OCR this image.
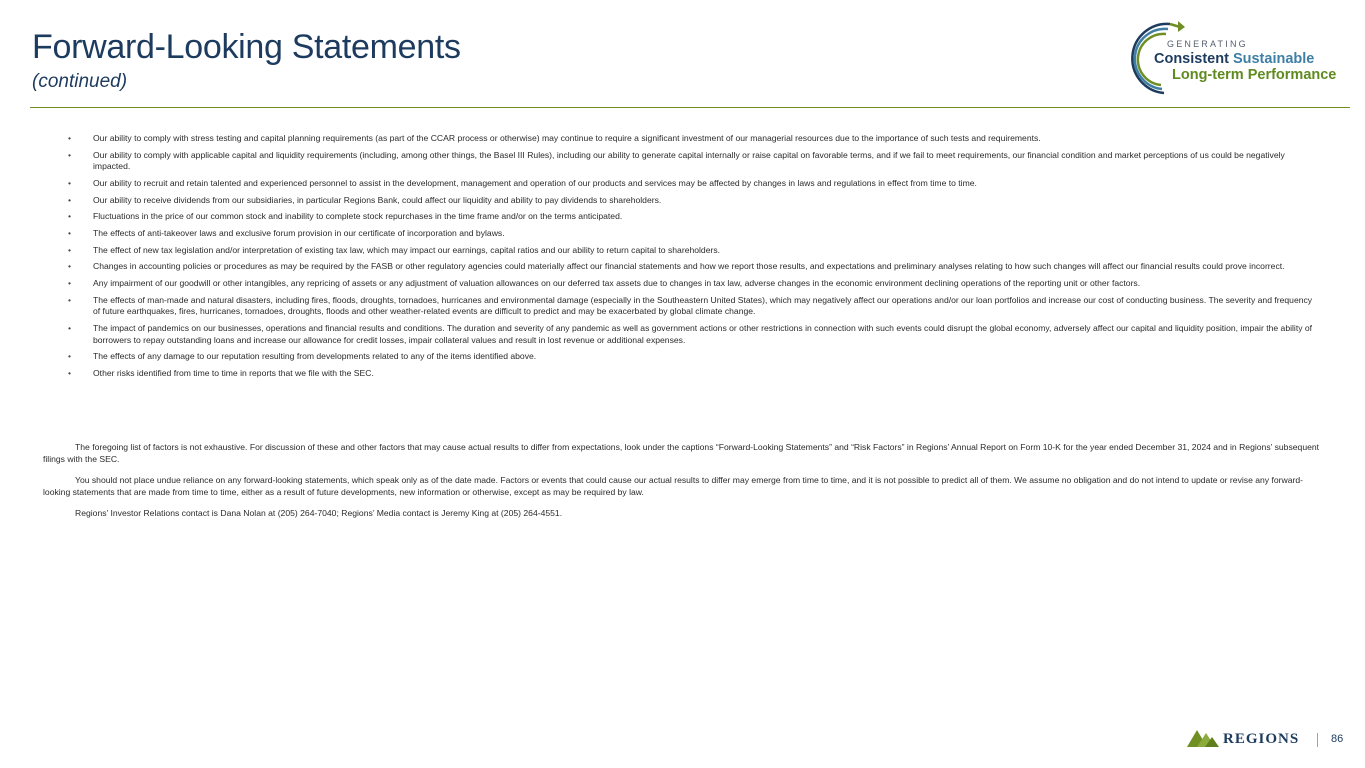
Forward-Looking Statements
(continued)
GENERATING
Consistent Sustainable
Long-term Performance
•	Our ability to comply with stress testing and capital planning requirements (as part of the CCAR process or otherwise) may continue to require a significant investment of our managerial resources due to the importance of such tests and requirements.
•	Our ability to comply with applicable capital and liquidity requirements (including, among other things, the Basel III Rules), including our ability to generate capital internally or raise capital on favorable terms, and if we fail to meet requirements, our financial condition and market perceptions of us could be negatively impacted.
•	Our ability to recruit and retain talented and experienced personnel to assist in the development, management and operation of our products and services may be affected by changes in laws and regulations in effect from time to time.
•	Our ability to receive dividends from our subsidiaries, in particular Regions Bank, could affect our liquidity and ability to pay dividends to shareholders.
•	Fluctuations in the price of our common stock and inability to complete stock repurchases in the time frame and/or on the terms anticipated.
•	The effects of anti-takeover laws and exclusive forum provision in our certificate of incorporation and bylaws.
•	The effect of new tax legislation and/or interpretation of existing tax law, which may impact our earnings, capital ratios and our ability to return capital to shareholders.
•	Changes in accounting policies or procedures as may be required by the FASB or other regulatory agencies could materially affect our financial statements and how we report those results, and expectations and preliminary analyses relating to how such changes will affect our financial results could prove incorrect.
•	Any impairment of our goodwill or other intangibles, any repricing of assets or any adjustment of valuation allowances on our deferred tax assets due to changes in tax law, adverse changes in the economic environment declining operations of the reporting unit or other factors.
•	The effects of man-made and natural disasters, including fires, floods, droughts, tornadoes, hurricanes and environmental damage (especially in the Southeastern United States), which may negatively affect our operations and/or our loan portfolios and increase our cost of conducting business. The severity and frequency of future earthquakes, fires, hurricanes, tornadoes, droughts, floods and other weather-related events are difficult to predict and may be exacerbated by global climate change.
•	The impact of pandemics on our businesses, operations and financial results and conditions. The duration and severity of any pandemic as well as government actions or other restrictions in connection with such events could disrupt the global economy, adversely affect our capital and liquidity position, impair the ability of borrowers to repay outstanding loans and increase our allowance for credit losses, impair collateral values and result in lost revenue or additional expenses.
•	The effects of any damage to our reputation resulting from developments related to any of the items identified above.
•	Other risks identified from time to time in reports that we file with the SEC.

The foregoing list of factors is not exhaustive. For discussion of these and other factors that may cause actual results to differ from expectations, look under the captions “Forward-Looking Statements” and “Risk Factors” in Regions’ Annual Report on Form 10-K for the year ended December 31, 2024 and in Regions’ subsequent filings with the SEC.

You should not place undue reliance on any forward-looking statements, which speak only as of the date made. Factors or events that could cause our actual results to differ may emerge from time to time, and it is not possible to predict all of them. We assume no obligation and do not intend to update or revise any forward-looking statements that are made from time to time, either as a result of future developments, new information or otherwise, except as may be required by law.

Regions’ Investor Relations contact is Dana Nolan at (205) 264-7040; Regions’ Media contact is Jeremy King at (205) 264-4551.

REGIONS	86
